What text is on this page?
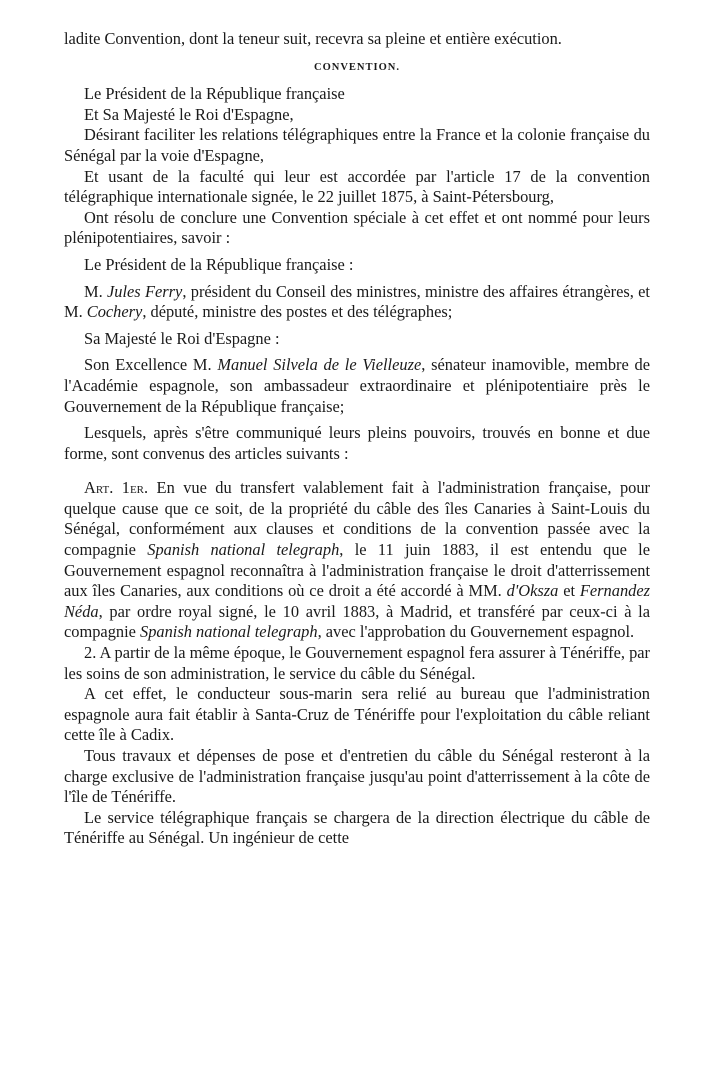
ladite Convention, dont la teneur suit, recevra sa pleine et entière exécution.

CONVENTION.

Le Président de la République française

Et Sa Majesté le Roi d'Espagne,

Désirant faciliter les relations télégraphiques entre la France et la colonie française du Sénégal par la voie d'Espagne,

Et usant de la faculté qui leur est accordée par l'article 17 de la convention télégraphique internationale signée, le 22 juillet 1875, à Saint-Pétersbourg,

Ont résolu de conclure une Convention spéciale à cet effet et ont nommé pour leurs plénipotentiaires, savoir :

Le Président de la République française :

M. Jules Ferry, président du Conseil des ministres, ministre des affaires étrangères, et M. Cochery, député, ministre des postes et des télégraphes;

Sa Majesté le Roi d'Espagne :

Son Excellence M. Manuel Silvela de le Vielleuze, sénateur inamovible, membre de l'Académie espagnole, son ambassadeur extraordinaire et plénipotentiaire près le Gouvernement de la République française;

Lesquels, après s'être communiqué leurs pleins pouvoirs, trouvés en bonne et due forme, sont convenus des articles suivants :

Art. 1er. En vue du transfert valablement fait à l'administration française, pour quelque cause que ce soit, de la propriété du câble des îles Canaries à Saint-Louis du Sénégal, conformément aux clauses et conditions de la convention passée avec la compagnie Spanish national telegraph, le 11 juin 1883, il est entendu que le Gouvernement espagnol reconnaîtra à l'administration française le droit d'atterrissement aux îles Canaries, aux conditions où ce droit a été accordé à MM. d'Oksza et Fernandez Néda, par ordre royal signé, le 10 avril 1883, à Madrid, et transféré par ceux-ci à la compagnie Spanish national telegraph, avec l'approbation du Gouvernement espagnol.

2. A partir de la même époque, le Gouvernement espagnol fera assurer à Ténériffe, par les soins de son administration, le service du câble du Sénégal.

A cet effet, le conducteur sous-marin sera relié au bureau que l'administration espagnole aura fait établir à Santa-Cruz de Ténériffe pour l'exploitation du câble reliant cette île à Cadix.

Tous travaux et dépenses de pose et d'entretien du câble du Sénégal resteront à la charge exclusive de l'administration française jusqu'au point d'atterrissement à la côte de l'île de Ténériffe.

Le service télégraphique français se chargera de la direction électrique du câble de Ténériffe au Sénégal. Un ingénieur de cette
